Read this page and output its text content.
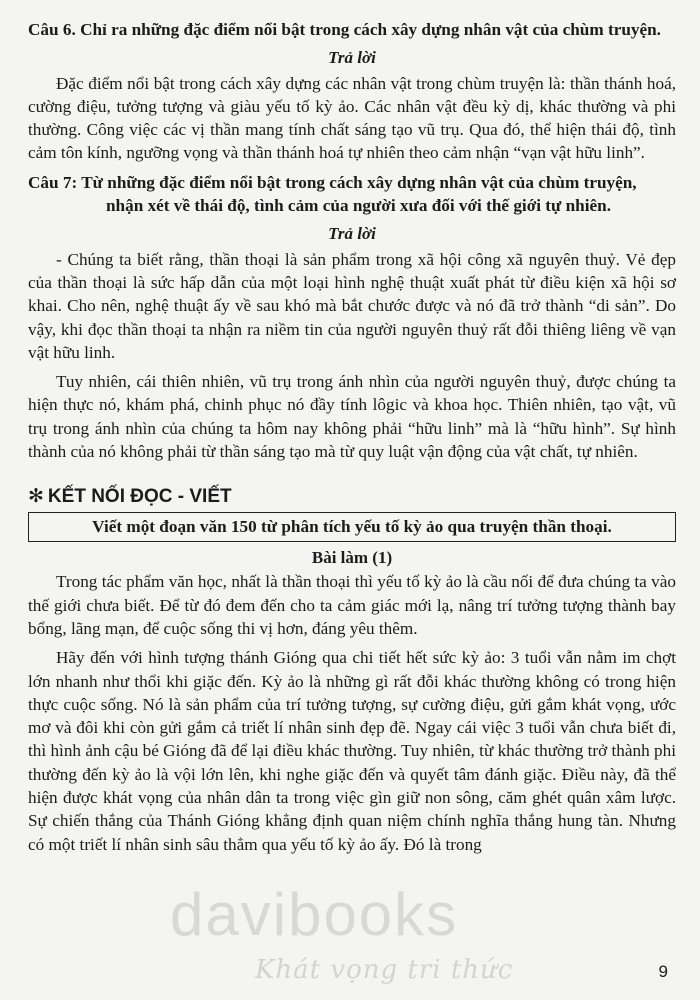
Câu 6. Chỉ ra những đặc điểm nổi bật trong cách xây dựng nhân vật của chùm truyện.

Trả lời

Đặc điểm nổi bật trong cách xây dựng các nhân vật trong chùm truyện là: thần thánh hoá, cường điệu, tưởng tượng và giàu yếu tố kỳ ảo. Các nhân vật đều kỳ dị, khác thường và phi thường. Công việc các vị thần mang tính chất sáng tạo vũ trụ. Qua đó, thể hiện thái độ, tình cảm tôn kính, ngưỡng vọng và thần thánh hoá tự nhiên theo cảm nhận “vạn vật hữu linh”.

Câu 7: Từ những đặc điểm nổi bật trong cách xây dựng nhân vật của chùm truyện, nhận xét về thái độ, tình cảm của người xưa đối với thế giới tự nhiên.

Trả lời

- Chúng ta biết rằng, thần thoại là sản phẩm trong xã hội công xã nguyên thuỷ. Vẻ đẹp của thần thoại là sức hấp dẫn của một loại hình nghệ thuật xuất phát từ điều kiện xã hội sơ khai. Cho nên, nghệ thuật ấy về sau khó mà bắt chước được và nó đã trở thành “di sản”. Do vậy, khi đọc thần thoại ta nhận ra niềm tin của người nguyên thuỷ rất đỗi thiêng liêng về vạn vật hữu linh.

Tuy nhiên, cái thiên nhiên, vũ trụ trong ánh nhìn của người nguyên thuỷ, được chúng ta hiện thực nó, khám phá, chinh phục nó đầy tính lôgic và khoa học. Thiên nhiên, tạo vật, vũ trụ trong ánh nhìn của chúng ta hôm nay không phải “hữu linh” mà là “hữu hình”. Sự hình thành của nó không phải từ thần sáng tạo mà từ quy luật vận động của vật chất, tự nhiên.

✻ KẾT NỐI ĐỌC - VIẾT
Viết một đoạn văn 150 từ phân tích yếu tố kỳ ảo qua truyện thần thoại.
Bài làm (1)

Trong tác phẩm văn học, nhất là thần thoại thì yếu tố kỳ ảo là cầu nối để đưa chúng ta vào thế giới chưa biết. Để từ đó đem đến cho ta cảm giác mới lạ, nâng trí tưởng tượng thành bay bổng, lãng mạn, để cuộc sống thi vị hơn, đáng yêu thêm.

Hãy đến với hình tượng thánh Gióng qua chi tiết hết sức kỳ ảo: 3 tuổi vẫn nằm im chợt lớn nhanh như thổi khi giặc đến. Kỳ ảo là những gì rất đỗi khác thường không có trong hiện thực cuộc sống. Nó là sản phẩm của trí tưởng tượng, sự cường điệu, gửi gắm khát vọng, ước mơ và đôi khi còn gửi gắm cả triết lí nhân sinh đẹp đẽ. Ngay cái việc 3 tuổi vẫn chưa biết đi, thì hình ảnh cậu bé Gióng đã để lại điều khác thường. Tuy nhiên, từ khác thường trở thành phi thường đến kỳ ảo là vội lớn lên, khi nghe giặc đến và quyết tâm đánh giặc. Điều này, đã thể hiện được khát vọng của nhân dân ta trong việc gìn giữ non sông, căm ghét quân xâm lược. Sự chiến thắng của Thánh Gióng khẳng định quan niệm chính nghĩa thắng hung tàn. Nhưng có một triết lí nhân sinh sâu thẳm qua yếu tố kỳ ảo ấy. Đó là trong

davibooks
Khát vọng tri thức	9
